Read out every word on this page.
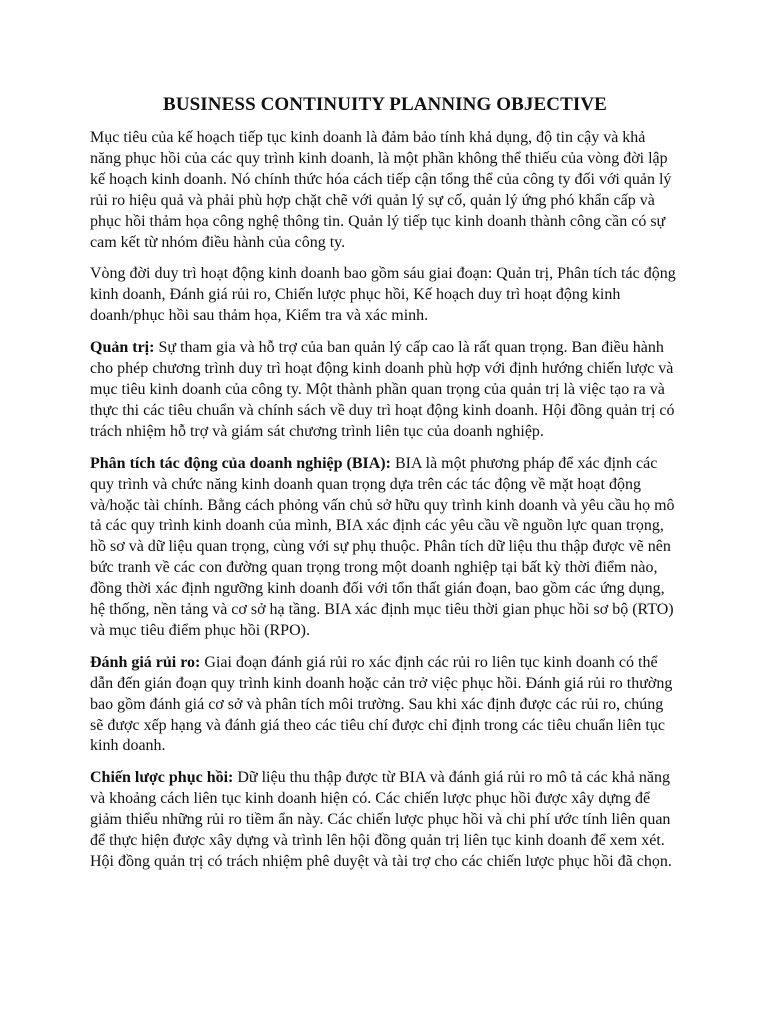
BUSINESS CONTINUITY PLANNING OBJECTIVE

Mục tiêu của kế hoạch tiếp tục kinh doanh là đảm bảo tính khả dụng, độ tin cậy và khả năng phục hồi của các quy trình kinh doanh, là một phần không thể thiếu của vòng đời lập kế hoạch kinh doanh. Nó chính thức hóa cách tiếp cận tổng thể của công ty đối với quản lý rủi ro hiệu quả và phải phù hợp chặt chẽ với quản lý sự cố, quản lý ứng phó khẩn cấp và phục hồi thảm họa công nghệ thông tin. Quản lý tiếp tục kinh doanh thành công cần có sự cam kết từ nhóm điều hành của công ty.

Vòng đời duy trì hoạt động kinh doanh bao gồm sáu giai đoạn: Quản trị, Phân tích tác động kinh doanh, Đánh giá rủi ro, Chiến lược phục hồi, Kế hoạch duy trì hoạt động kinh doanh/phục hồi sau thảm họa, Kiểm tra và xác minh.

Quản trị: Sự tham gia và hỗ trợ của ban quản lý cấp cao là rất quan trọng. Ban điều hành cho phép chương trình duy trì hoạt động kinh doanh phù hợp với định hướng chiến lược và mục tiêu kinh doanh của công ty. Một thành phần quan trọng của quản trị là việc tạo ra và thực thi các tiêu chuẩn và chính sách về duy trì hoạt động kinh doanh. Hội đồng quản trị có trách nhiệm hỗ trợ và giám sát chương trình liên tục của doanh nghiệp.

Phân tích tác động của doanh nghiệp (BIA): BIA là một phương pháp để xác định các quy trình và chức năng kinh doanh quan trọng dựa trên các tác động về mặt hoạt động và/hoặc tài chính. Bằng cách phỏng vấn chủ sở hữu quy trình kinh doanh và yêu cầu họ mô tả các quy trình kinh doanh của mình, BIA xác định các yêu cầu về nguồn lực quan trọng, hồ sơ và dữ liệu quan trọng, cùng với sự phụ thuộc. Phân tích dữ liệu thu thập được vẽ nên bức tranh về các con đường quan trọng trong một doanh nghiệp tại bất kỳ thời điểm nào, đồng thời xác định ngưỡng kinh doanh đối với tổn thất gián đoạn, bao gồm các ứng dụng, hệ thống, nền tảng và cơ sở hạ tầng. BIA xác định mục tiêu thời gian phục hồi sơ bộ (RTO) và mục tiêu điểm phục hồi (RPO).

Đánh giá rủi ro: Giai đoạn đánh giá rủi ro xác định các rủi ro liên tục kinh doanh có thể dẫn đến gián đoạn quy trình kinh doanh hoặc cản trở việc phục hồi. Đánh giá rủi ro thường bao gồm đánh giá cơ sở và phân tích môi trường. Sau khi xác định được các rủi ro, chúng sẽ được xếp hạng và đánh giá theo các tiêu chí được chỉ định trong các tiêu chuẩn liên tục kinh doanh.

Chiến lược phục hồi: Dữ liệu thu thập được từ BIA và đánh giá rủi ro mô tả các khả năng và khoảng cách liên tục kinh doanh hiện có. Các chiến lược phục hồi được xây dựng để giảm thiểu những rủi ro tiềm ẩn này. Các chiến lược phục hồi và chi phí ước tính liên quan để thực hiện được xây dựng và trình lên hội đồng quản trị liên tục kinh doanh để xem xét. Hội đồng quản trị có trách nhiệm phê duyệt và tài trợ cho các chiến lược phục hồi đã chọn.
